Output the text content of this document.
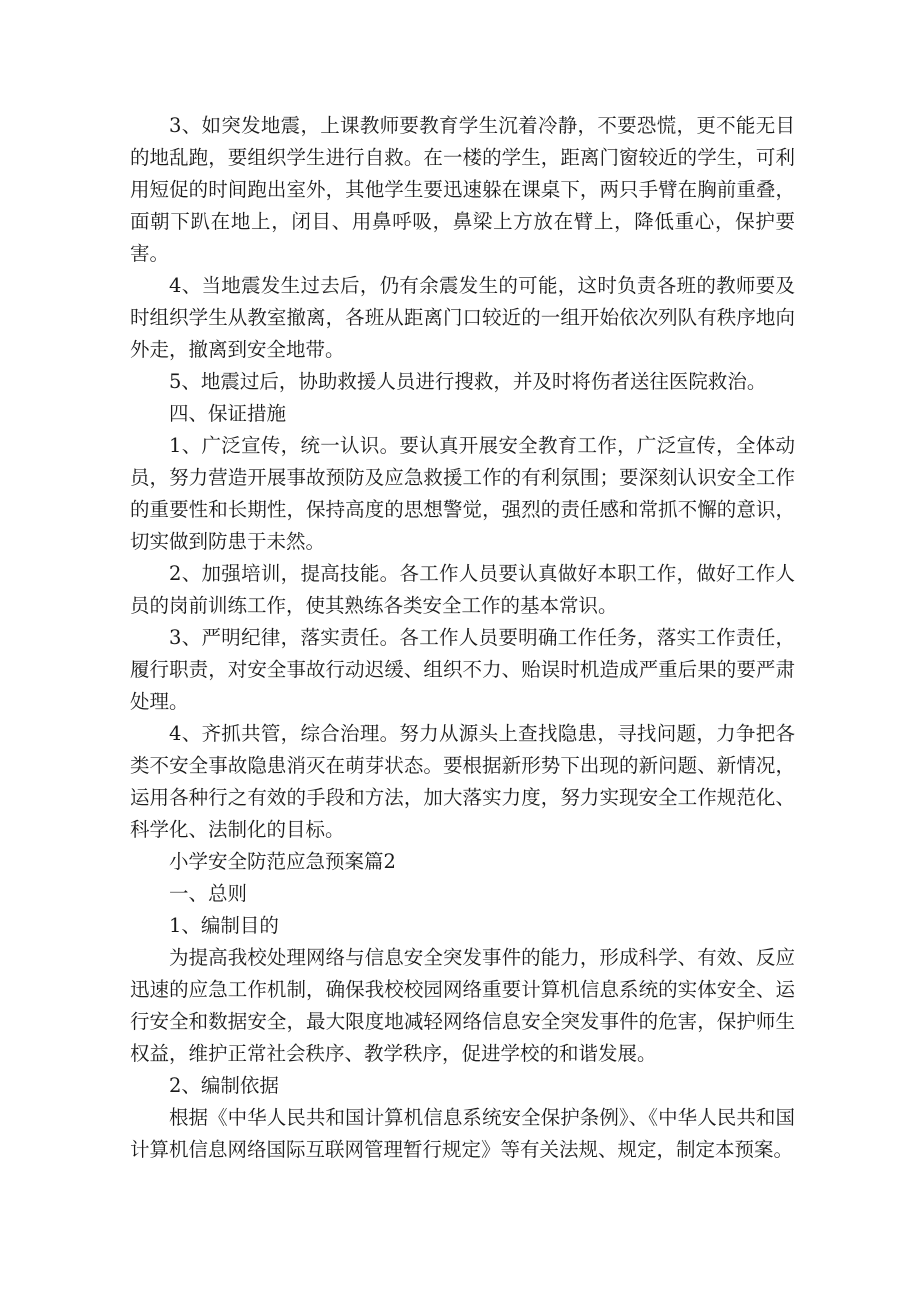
3、如突发地震，上课教师要教育学生沉着冷静，不要恐慌，更不能无目的地乱跑，要组织学生进行自救。在一楼的学生，距离门窗较近的学生，可利用短促的时间跑出室外，其他学生要迅速躲在课桌下，两只手臂在胸前重叠，面朝下趴在地上，闭目、用鼻呼吸，鼻梁上方放在臂上，降低重心，保护要害。

4、当地震发生过去后，仍有余震发生的可能，这时负责各班的教师要及时组织学生从教室撤离，各班从距离门口较近的一组开始依次列队有秩序地向外走，撤离到安全地带。

5、地震过后，协助救援人员进行搜救，并及时将伤者送往医院救治。

四、保证措施

1、广泛宣传，统一认识。要认真开展安全教育工作，广泛宣传，全体动员，努力营造开展事故预防及应急救援工作的有利氛围；要深刻认识安全工作的重要性和长期性，保持高度的思想警觉，强烈的责任感和常抓不懈的意识，切实做到防患于未然。

2、加强培训，提高技能。各工作人员要认真做好本职工作，做好工作人员的岗前训练工作，使其熟练各类安全工作的基本常识。

3、严明纪律，落实责任。各工作人员要明确工作任务，落实工作责任，履行职责，对安全事故行动迟缓、组织不力、贻误时机造成严重后果的要严肃处理。

4、齐抓共管，综合治理。努力从源头上查找隐患，寻找问题，力争把各类不安全事故隐患消灭在萌芽状态。要根据新形势下出现的新问题、新情况，运用各种行之有效的手段和方法，加大落实力度，努力实现安全工作规范化、科学化、法制化的目标。

小学安全防范应急预案篇2

一、总则

1、编制目的

为提高我校处理网络与信息安全突发事件的能力，形成科学、有效、反应迅速的应急工作机制，确保我校校园网络重要计算机信息系统的实体安全、运行安全和数据安全，最大限度地减轻网络信息安全突发事件的危害，保护师生权益，维护正常社会秩序、教学秩序，促进学校的和谐发展。

2、编制依据

根据《中华人民共和国计算机信息系统安全保护条例》、《中华人民共和国计算机信息网络国际互联网管理暂行规定》等有关法规、规定，制定本预案。
